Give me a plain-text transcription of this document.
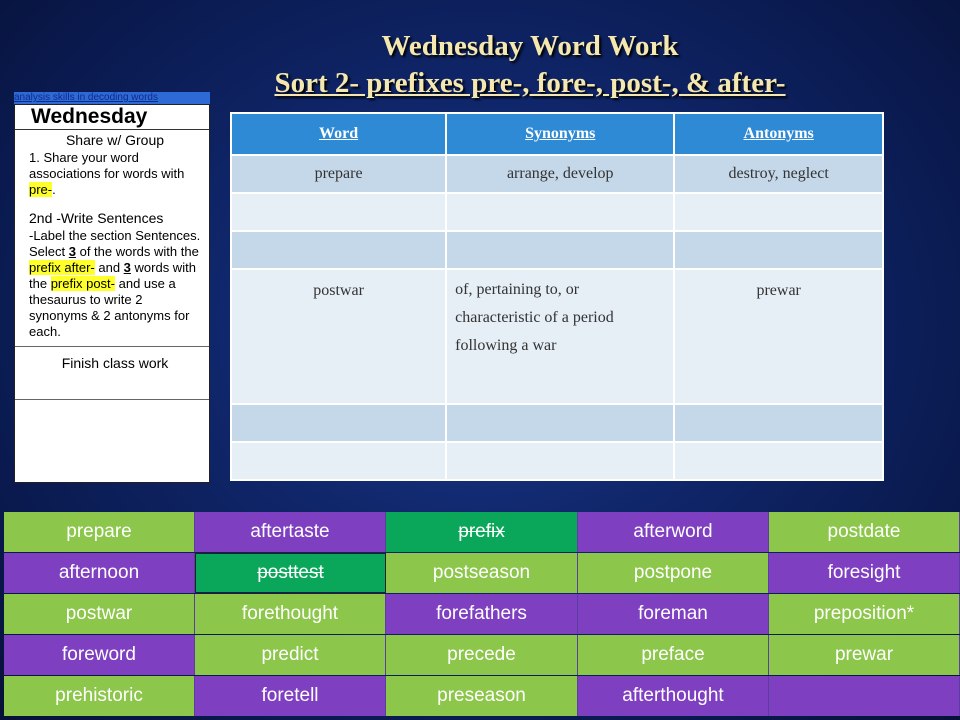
Wednesday Word Work
Sort 2- prefixes pre-, fore-, post-, & after-
analysis skills in decoding words
Wednesday
Share w/ Group
1. Share your word associations for words with pre-.
2nd -Write Sentences
-Label the section Sentences. Select 3 of the words with the prefix after- and 3 words with the prefix post- and use a thesaurus to write 2 synonyms & 2 antonyms for each.
Finish class work
Word	Synonyms	Antonyms
prepare	arrange, develop	destroy, neglect

postwar	of, pertaining to, or characteristic of a period following a war	prewar

prepare	aftertaste	prefix	afterword	postdate
afternoon	posttest	postseason	postpone	foresight
postwar	forethought	forefathers	foreman	preposition*
foreword	predict	precede	preface	prewar
prehistoric	foretell	preseason	afterthought
